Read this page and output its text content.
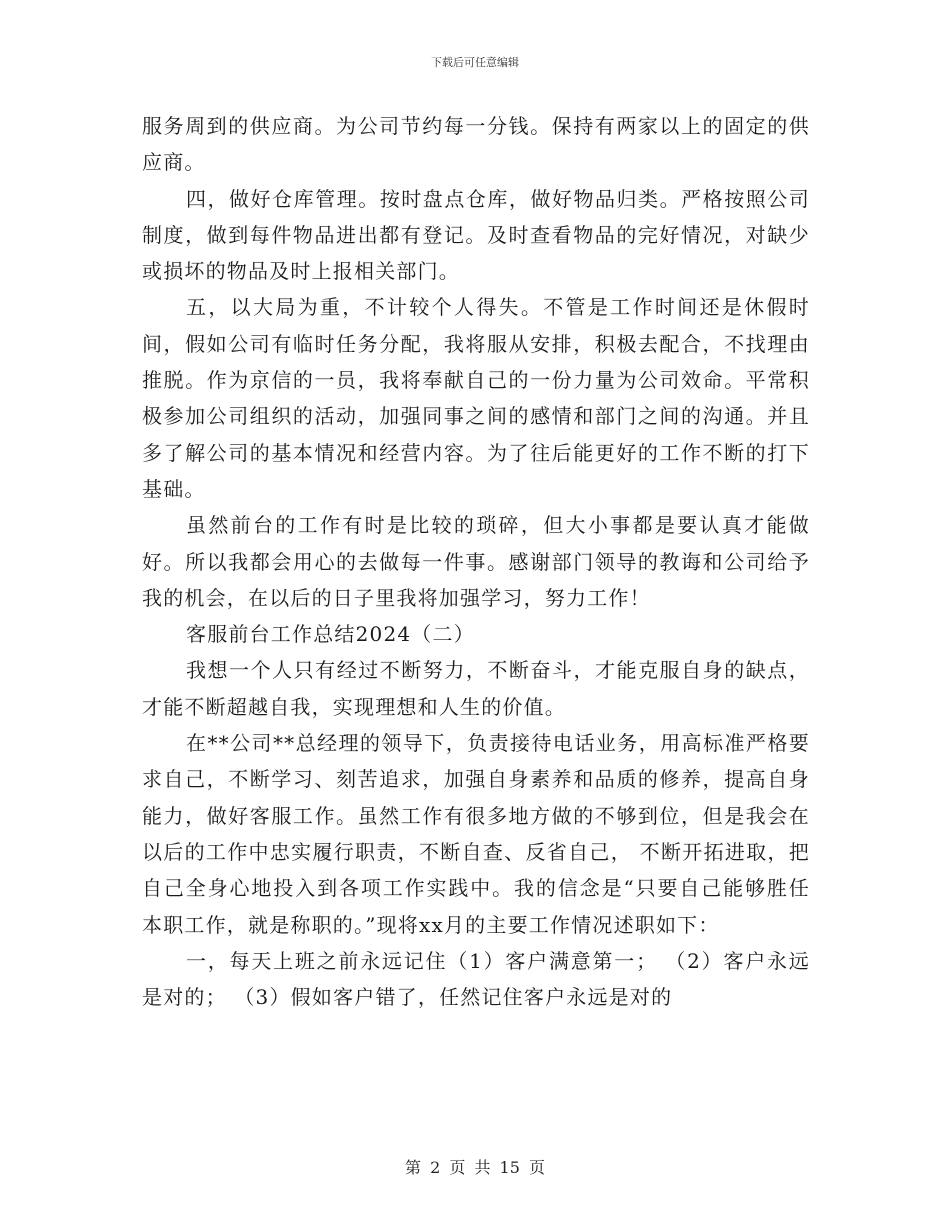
下载后可任意编辑

服务周到的供应商。为公司节约每一分钱。保持有两家以上的固定的供应商。

四，做好仓库管理。按时盘点仓库，做好物品归类。严格按照公司制度，做到每件物品进出都有登记。及时查看物品的完好情况，对缺少或损坏的物品及时上报相关部门。

五，以大局为重，不计较个人得失。不管是工作时间还是休假时间，假如公司有临时任务分配，我将服从安排，积极去配合，不找理由推脱。作为京信的一员，我将奉献自己的一份力量为公司效命。平常积极参加公司组织的活动，加强同事之间的感情和部门之间的沟通。并且多了解公司的基本情况和经营内容。为了往后能更好的工作不断的打下基础。

虽然前台的工作有时是比较的琐碎，但大小事都是要认真才能做好。所以我都会用心的去做每一件事。感谢部门领导的教诲和公司给予我的机会，在以后的日子里我将加强学习，努力工作！

客服前台工作总结2024（二）

我想一个人只有经过不断努力，不断奋斗，才能克服自身的缺点，才能不断超越自我，实现理想和人生的价值。

在**公司**总经理的领导下，负责接待电话业务，用高标准严格要求自己，不断学习、刻苦追求，加强自身素养和品质的修养，提高自身能力，做好客服工作。虽然工作有很多地方做的不够到位，但是我会在以后的工作中忠实履行职责，不断自查、反省自己， 不断开拓进取，把自己全身心地投入到各项工作实践中。我的信念是“只要自己能够胜任本职工作，就是称职的。”现将xx月的主要工作情况述职如下：

一，每天上班之前永远记住（1）客户满意第一； （2）客户永远是对的； （3）假如客户错了，任然记住客户永远是对的

第 2 页 共 15 页
